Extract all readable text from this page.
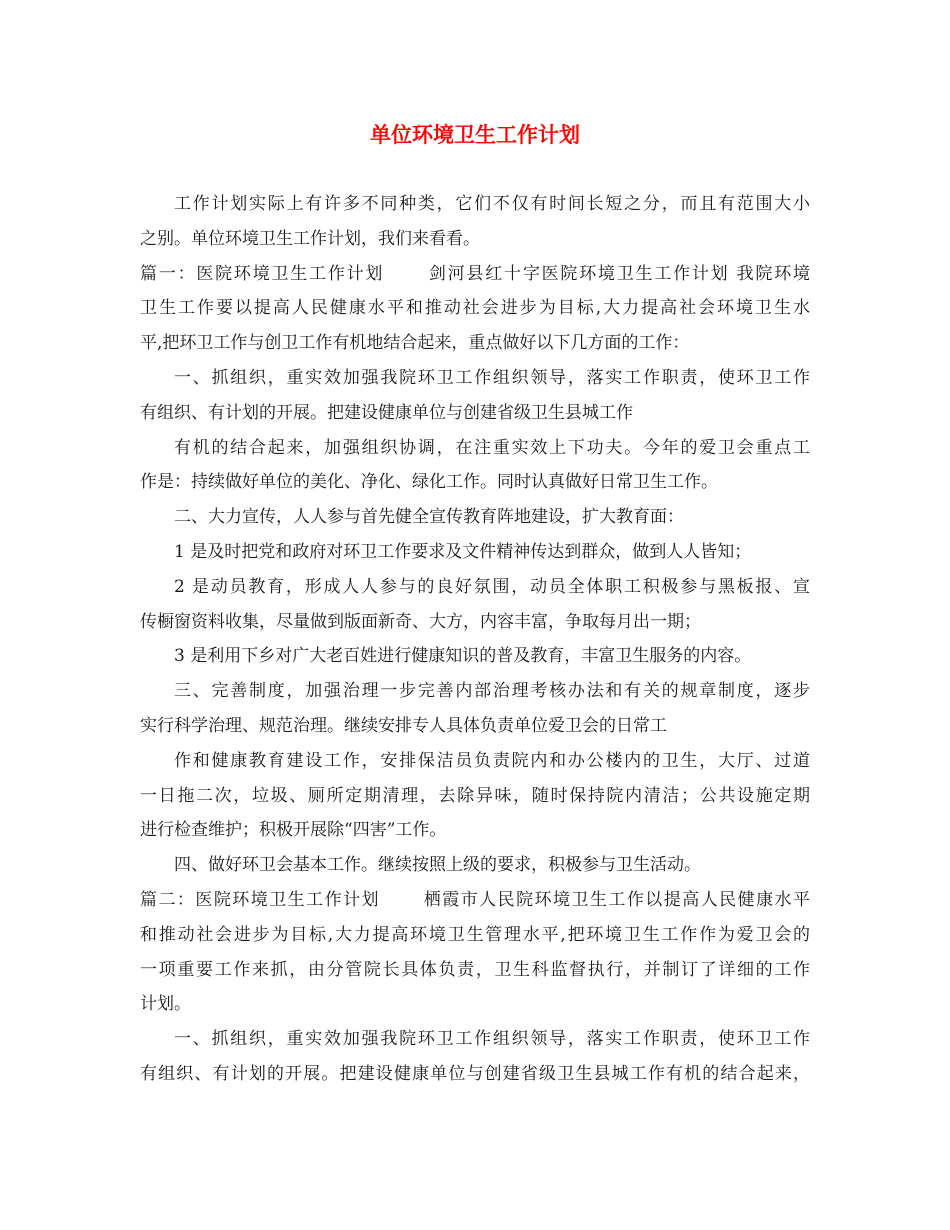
单位环境卫生工作计划
工作计划实际上有许多不同种类，它们不仅有时间长短之分，而且有范围大小
之别。单位环境卫生工作计划，我们来看看。
篇一：医院环境卫生工作计划 　　剑河县红十字医院环境卫生工作计划 我院环境
卫生工作要以提高人民健康水平和推动社会进步为目标,大力提高社会环境卫生水
平,把环卫工作与创卫工作有机地结合起来，重点做好以下几方面的工作：
一、抓组织，重实效加强我院环卫工作组织领导，落实工作职责，使环卫工作
有组织、有计划的开展。把建设健康单位与创建省级卫生县城工作
有机的结合起来，加强组织协调，在注重实效上下功夫。今年的爱卫会重点工
作是：持续做好单位的美化、净化、绿化工作。同时认真做好日常卫生工作。
二、大力宣传，人人参与首先健全宣传教育阵地建设，扩大教育面：
1 是及时把党和政府对环卫工作要求及文件精神传达到群众，做到人人皆知；
2 是动员教育，形成人人参与的良好氛围，动员全体职工积极参与黑板报、宣
传橱窗资料收集，尽量做到版面新奇、大方，内容丰富，争取每月出一期；
3 是利用下乡对广大老百姓进行健康知识的普及教育，丰富卫生服务的内容。
三、完善制度，加强治理一步完善内部治理考核办法和有关的规章制度，逐步
实行科学治理、规范治理。继续安排专人具体负责单位爱卫会的日常工
作和健康教育建设工作，安排保洁员负责院内和办公楼内的卫生，大厅、过道
一日拖二次，垃圾、厕所定期清理，去除异味，随时保持院内清洁；公共设施定期
进行检查维护；积极开展除“四害”工作。
四、做好环卫会基本工作。继续按照上级的要求，积极参与卫生活动。
篇二：医院环境卫生工作计划 　　栖霞市人民院环境卫生工作以提高人民健康水平
和推动社会进步为目标,大力提高环境卫生管理水平,把环境卫生工作作为爱卫会的
一项重要工作来抓，由分管院长具体负责，卫生科监督执行，并制订了详细的工作
计划。
一、抓组织，重实效加强我院环卫工作组织领导，落实工作职责，使环卫工作
有组织、有计划的开展。把建设健康单位与创建省级卫生县城工作有机的结合起来，
